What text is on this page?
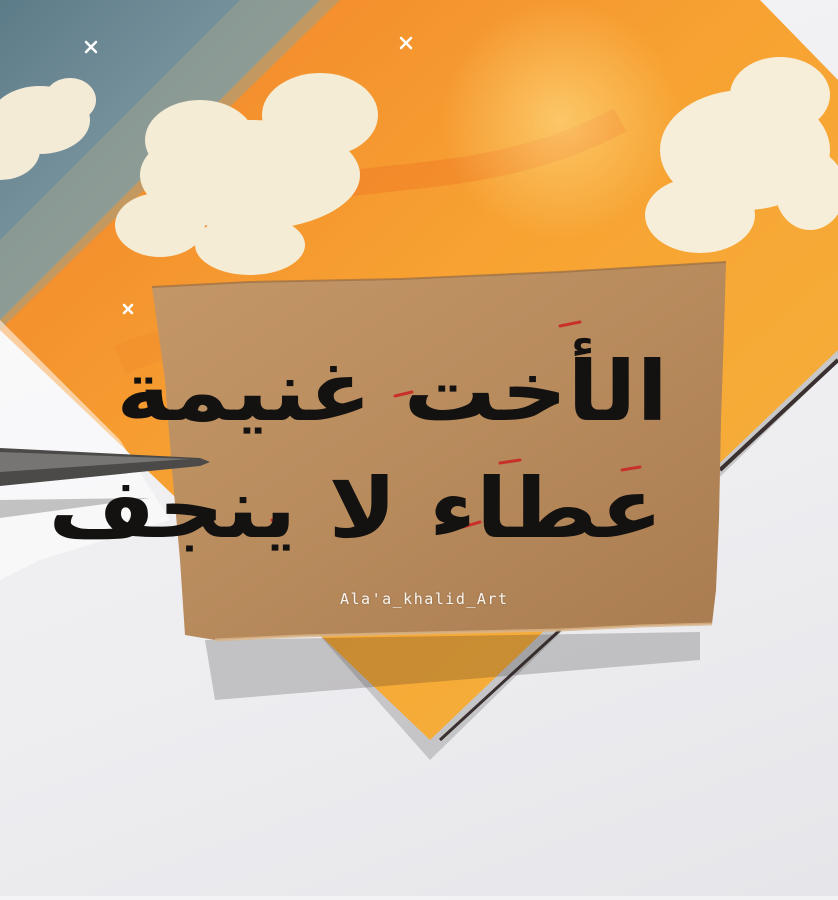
الأخت غنيمة
عطاء لا ينجف
Ala'a_khalid_Art
